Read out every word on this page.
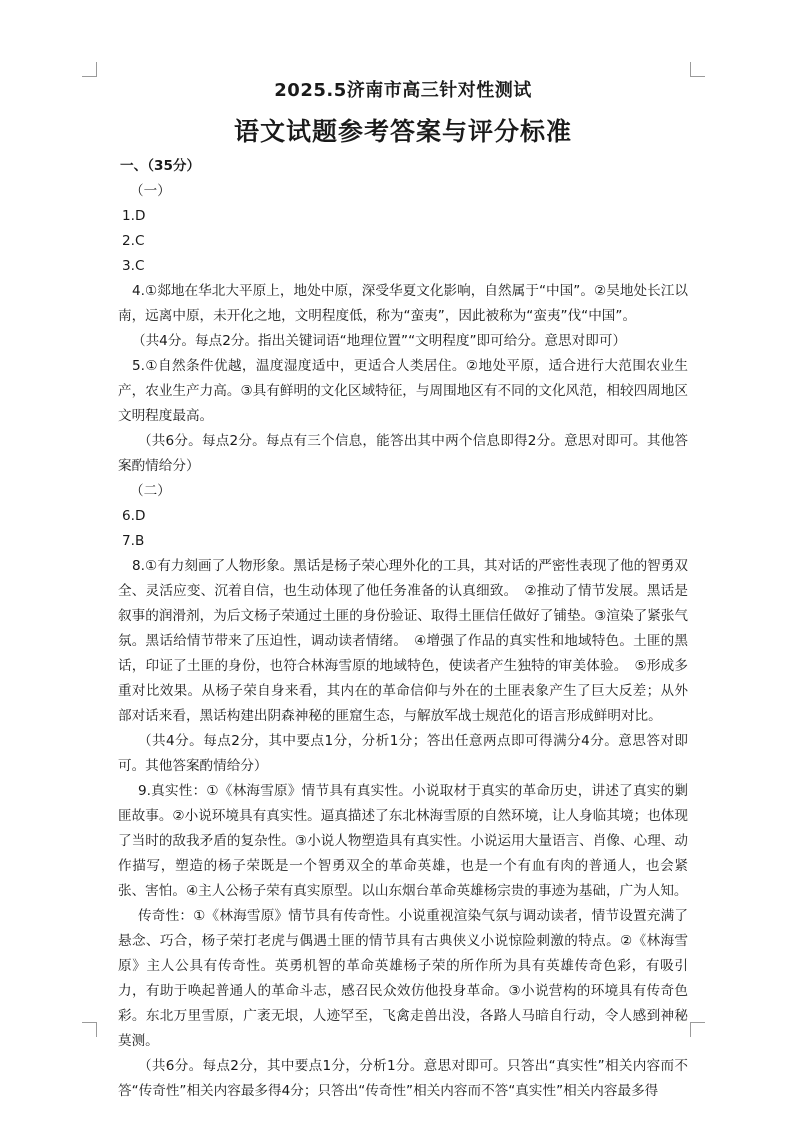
2025.5济南市高三针对性测试
语文试题参考答案与评分标准

一、（35分）

（一）

1.D

2.C

3.C

4.①郯地在华北大平原上，地处中原，深受华夏文化影响，自然属于“中国”。②吴地处长江以南，远离中原，未开化之地，文明程度低，称为“蛮夷”，因此被称为“蛮夷”伐“中国”。

（共4分。每点2分。指出关键词语“地理位置”“文明程度”即可给分。意思对即可）

5.①自然条件优越，温度湿度适中，更适合人类居住。②地处平原，适合进行大范围农业生产，农业生产力高。③具有鲜明的文化区域特征，与周围地区有不同的文化风范，相较四周地区文明程度最高。

（共6分。每点2分。每点有三个信息，能答出其中两个信息即得2分。意思对即可。其他答案酌情给分）

（二）

6.D

7.B

8.①有力刻画了人物形象。黑话是杨子荣心理外化的工具，其对话的严密性表现了他的智勇双全、灵活应变、沉着自信，也生动体现了他任务准备的认真细致。　②推动了情节发展。黑话是叙事的润滑剂，为后文杨子荣通过土匪的身份验证、取得土匪信任做好了铺垫。③渲染了紧张气氛。黑话给情节带来了压迫性，调动读者情绪。　④增强了作品的真实性和地域特色。土匪的黑话，印证了土匪的身份，也符合林海雪原的地域特色，使读者产生独特的审美体验。　⑤形成多重对比效果。从杨子荣自身来看，其内在的革命信仰与外在的土匪表象产生了巨大反差；从外部对话来看，黑话构建出阴森神秘的匪窟生态，与解放军战士规范化的语言形成鲜明对比。

（共4分。每点2分，其中要点1分，分析1分；答出任意两点即可得满分4分。意思答对即可。其他答案酌情给分）

9.真实性：①《林海雪原》情节具有真实性。小说取材于真实的革命历史，讲述了真实的剿匪故事。②小说环境具有真实性。逼真描述了东北林海雪原的自然环境，让人身临其境；也体现了当时的敌我矛盾的复杂性。③小说人物塑造具有真实性。小说运用大量语言、肖像、心理、动作描写，塑造的杨子荣既是一个智勇双全的革命英雄，也是一个有血有肉的普通人，也会紧张、害怕。④主人公杨子荣有真实原型。以山东烟台革命英雄杨宗贵的事迹为基础，广为人知。

传奇性：①《林海雪原》情节具有传奇性。小说重视渲染气氛与调动读者，情节设置充满了悬念、巧合，杨子荣打老虎与偶遇土匪的情节具有古典侠义小说惊险刺激的特点。②《林海雪原》主人公具有传奇性。英勇机智的革命英雄杨子荣的所作所为具有英雄传奇色彩，有吸引力，有助于唤起普通人的革命斗志，感召民众效仿他投身革命。③小说营构的环境具有传奇色彩。东北万里雪原，广袤无垠，人迹罕至，飞禽走兽出没，各路人马暗自行动，令人感到神秘莫测。

（共6分。每点2分，其中要点1分，分析1分。意思对即可。只答出“真实性”相关内容而不答“传奇性”相关内容最多得4分；只答出“传奇性”相关内容而不答“真实性”相关内容最多得
